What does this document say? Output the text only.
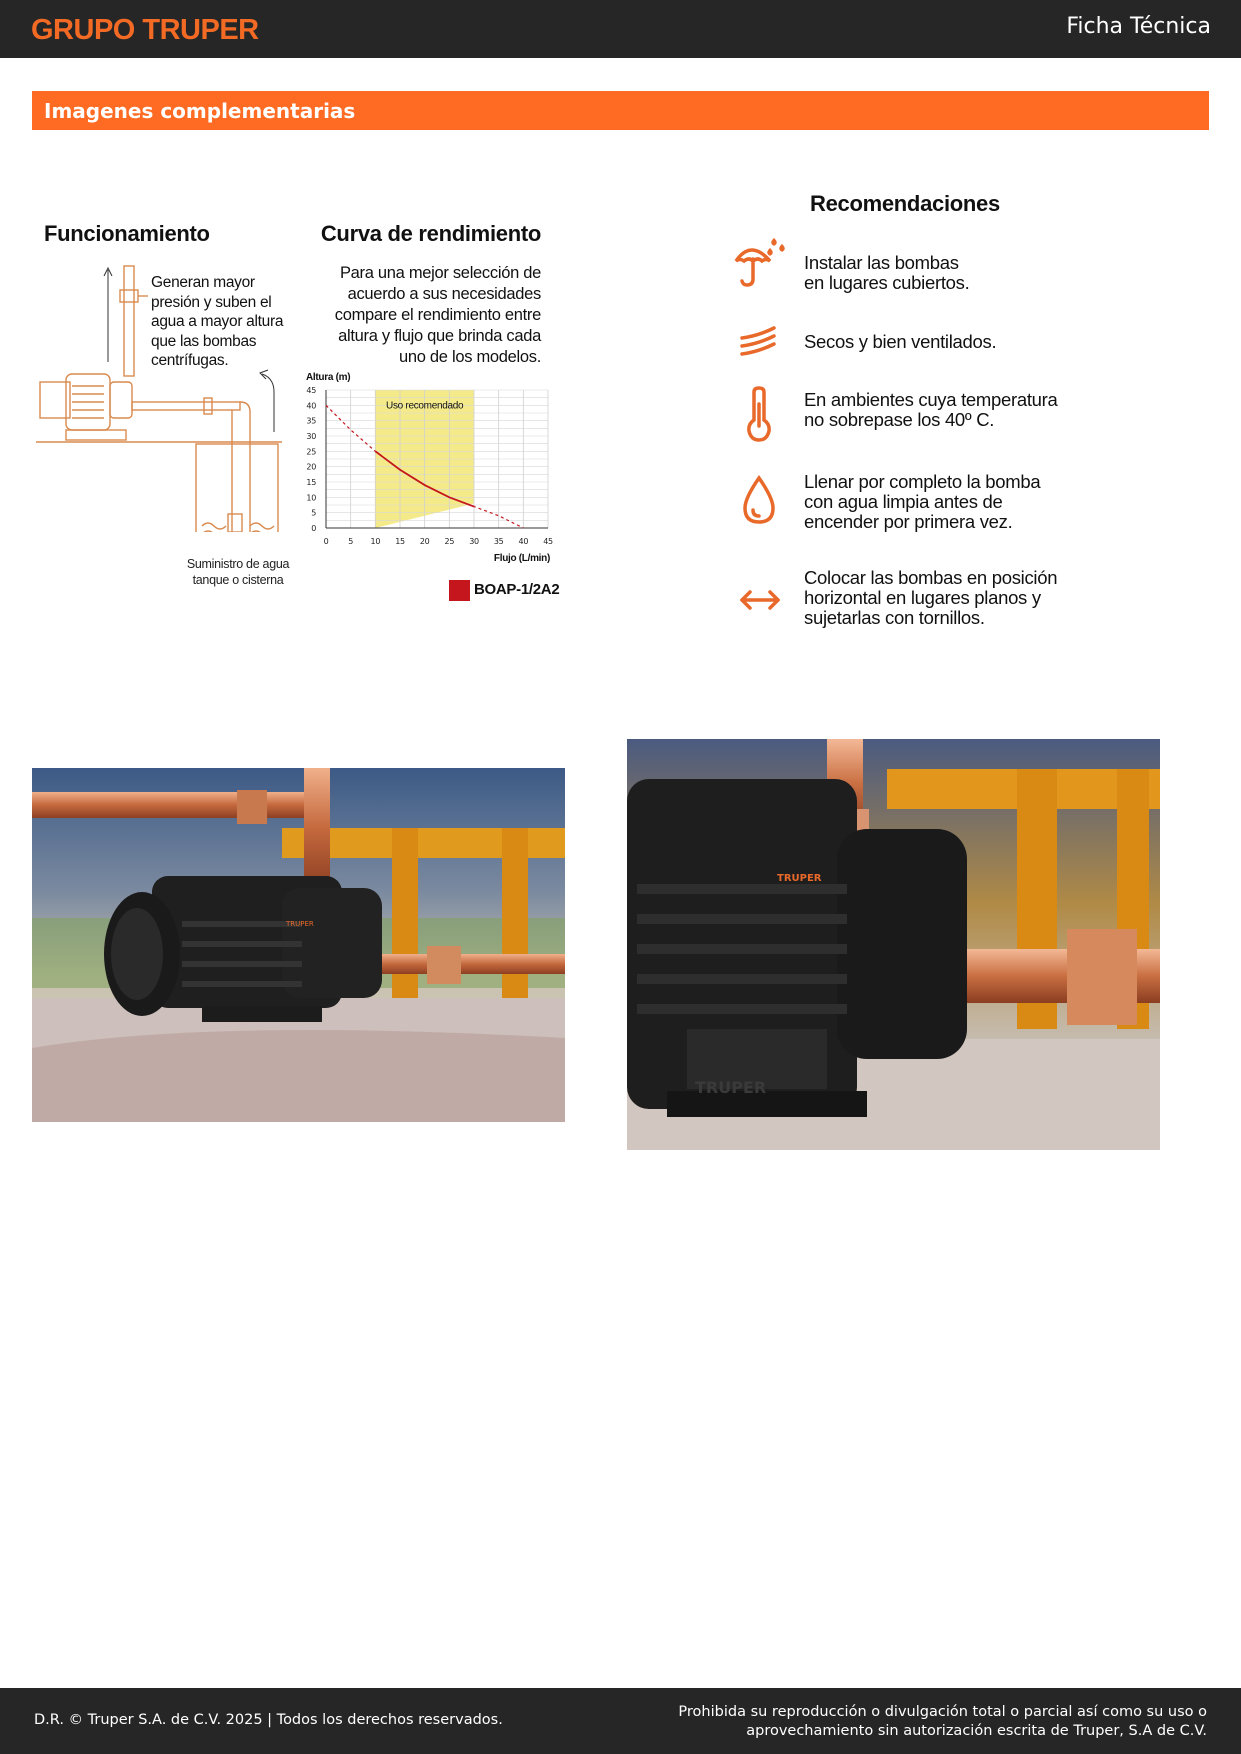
GRUPO TRUPER	Ficha Técnica
Imagenes complementarias
Funcionamiento
Generan mayor presión y suben el agua a mayor altura que las bombas centrífugas.
Suministro de agua
tanque o cisterna
Curva de rendimiento
Para una mejor selección de acuerdo a sus necesidades compare el rendimiento entre altura y flujo que brinda cada uno de los modelos.
0 5 10 15 20 25 30 35 40 45
0
5
10
15
20
25
30
35
40
45
Altura (m)
Flujo (L/min)
Uso recomendado
BOAP-1/2A2
Recomendaciones
Instalar las bombas
en lugares cubiertos.
Secos y bien ventilados.
En ambientes cuya temperatura
no sobrepase los 40º C.
Llenar por completo la bomba
con agua limpia antes de
encender por primera vez.
Colocar las bombas en posición
horizontal en lugares planos y
sujetarlas con tornillos.
TRUPER
TRUPER
TRUPER
D.R. © Truper S.A. de C.V. 2025 | Todos los derechos reservados.	Prohibida su reproducción o divulgación total o parcial así como su uso o aprovechamiento sin autorización escrita de Truper, S.A de C.V.
